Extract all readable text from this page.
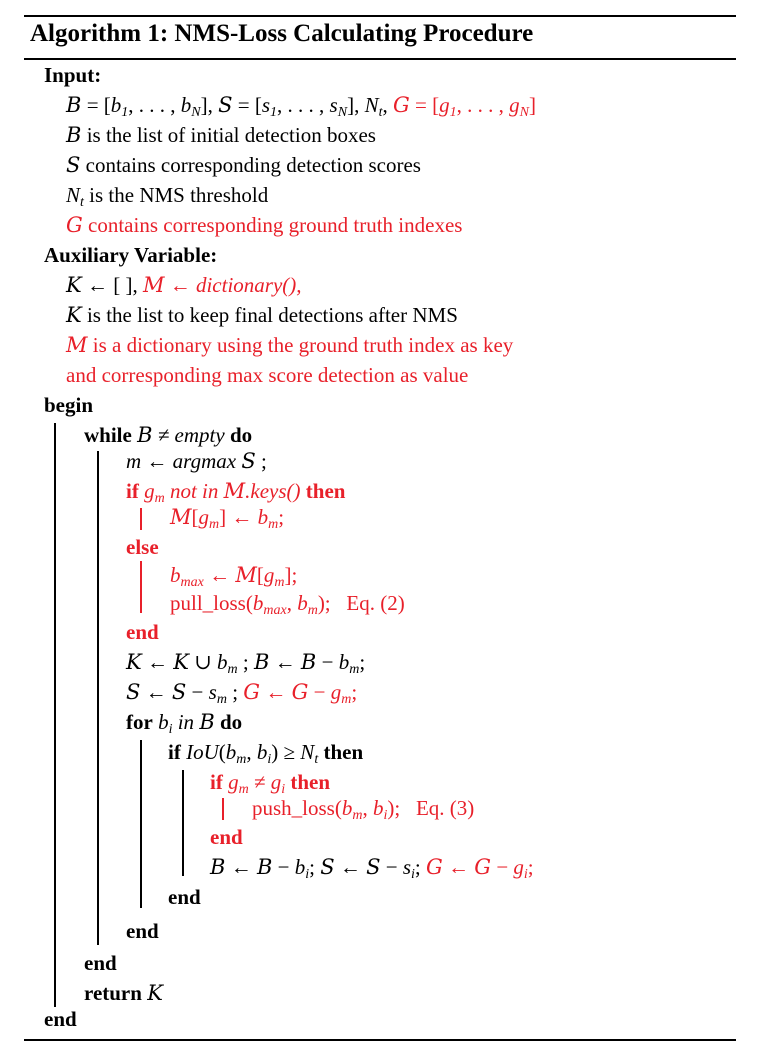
Algorithm 1: NMS-Loss Calculating Procedure
Input:
$B = [b_1$, . . . , $b_N$], $S = [s_1$, . . . , $s_N$], $N_t$, $G = [g_1$, . . . , $g_N$]
B is the list of initial detection boxes
S contains corresponding detection scores
$N_t$ is the NMS threshold
G contains corresponding ground truth indexes
Auxiliary Variable:
K ← [ ], M ← dictionary(),
K is the list to keep final detections after NMS
M is a dictionary using the ground truth index as key
and corresponding max score detection as value
begin
while B ≠ empty do
m ← argmax S ;
if $g_m$ not in M.keys() then
$M[g_m]$ ← $b_m$;
else
$b_{max}$ ← $M[g_m]$;
$pull\_loss(b_{max}$, $b_m$);   Eq. (2)
end
K ← K ∪ $b_m$ ; B ← $B - b_m$;
S ← $S - s_m$ ; G ← $G - g_m$;
for $b_i$ in B do
if $IoU(b_m$, $b_i) \ge N_t$ then
if $g_m \ne g_i$ then
$push\_loss(b_m$, $b_i$);   Eq. (3)
end
B ← $B - b_i$; S ← $S - s_i$; G ← $G - g_i$;
end
end
end
return K
end
